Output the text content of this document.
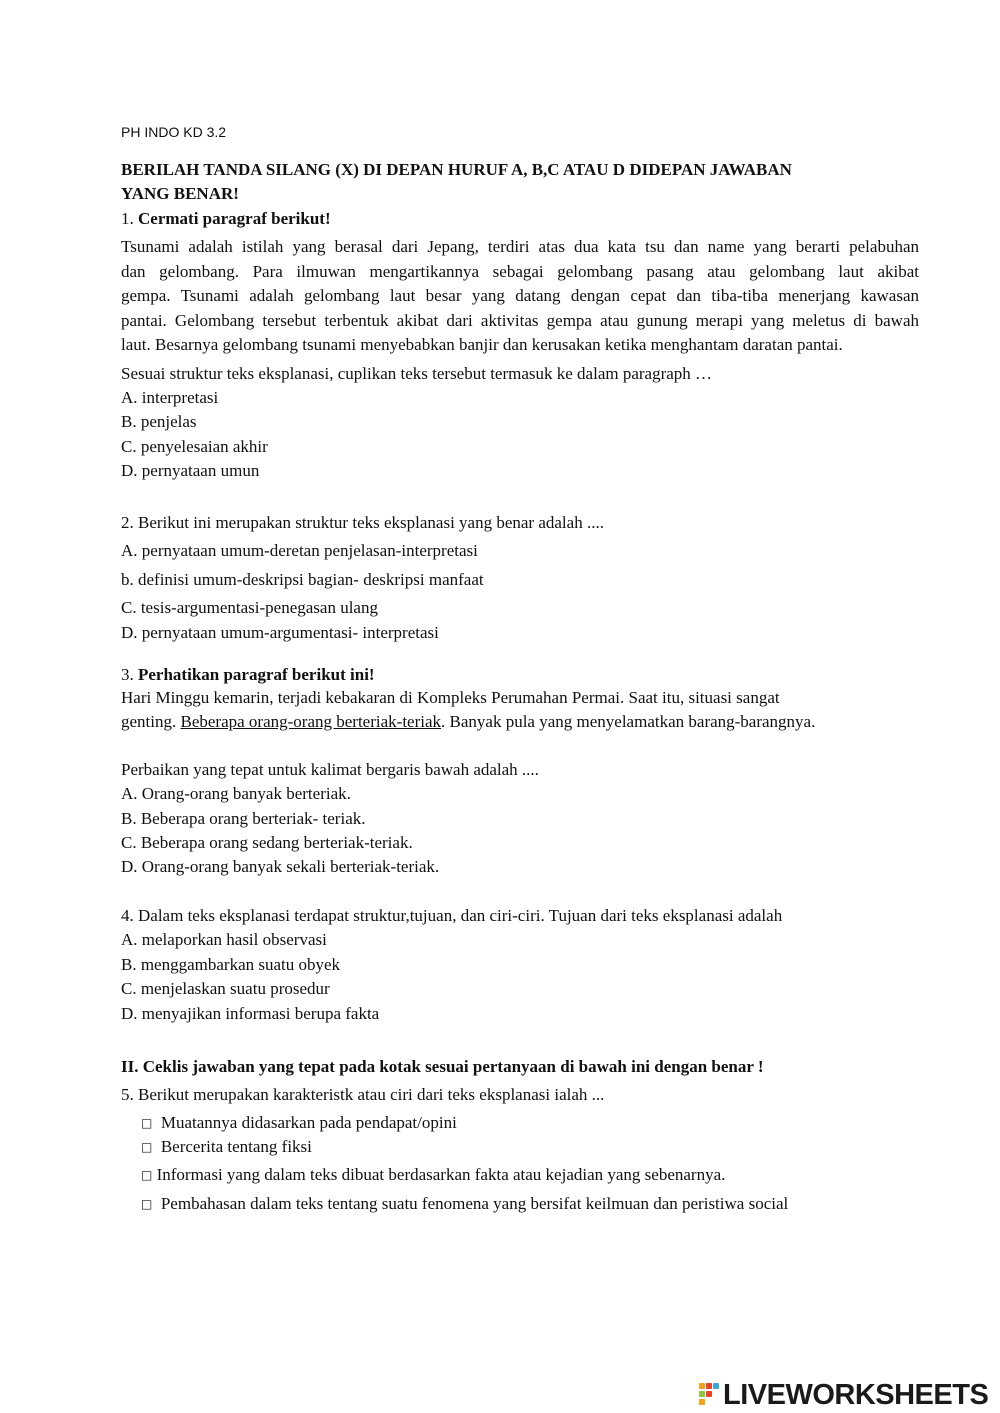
PH INDO KD 3.2
BERILAH TANDA SILANG (X) DI DEPAN HURUF A, B,C ATAU D DIDEPAN JAWABAN
YANG BENAR!
1. Cermati paragraf berikut!
Tsunami adalah istilah yang berasal dari Jepang, terdiri atas dua kata tsu dan name yang berarti pelabuhan
dan gelombang. Para ilmuwan mengartikannya sebagai gelombang pasang atau gelombang laut akibat
gempa. Tsunami adalah gelombang laut besar yang datang dengan cepat dan tiba-tiba menerjang kawasan
pantai. Gelombang tersebut terbentuk akibat dari aktivitas gempa atau gunung merapi yang meletus di bawah
laut. Besarnya gelombang tsunami menyebabkan banjir dan kerusakan ketika menghantam daratan pantai.
Sesuai struktur teks eksplanasi, cuplikan teks tersebut termasuk ke dalam paragraph …
A. interpretasi
B. penjelas
C. penyelesaian akhir
D. pernyataan umun
2. Berikut ini merupakan struktur teks eksplanasi yang benar adalah ....
A. pernyataan umum-deretan penjelasan-interpretasi
b. definisi umum-deskripsi bagian- deskripsi manfaat
C. tesis-argumentasi-penegasan ulang
D. pernyataan umum-argumentasi- interpretasi
3. Perhatikan paragraf berikut ini!
Hari Minggu kemarin, terjadi kebakaran di Kompleks Perumahan Permai. Saat itu, situasi sangat
genting. Beberapa orang-orang berteriak-teriak. Banyak pula yang menyelamatkan barang-barangnya.
Perbaikan yang tepat untuk kalimat bergaris bawah adalah ....
A. Orang-orang banyak berteriak.
B. Beberapa orang berteriak- teriak.
C. Beberapa orang sedang berteriak-teriak.
D. Orang-orang banyak sekali berteriak-teriak.
4. Dalam teks eksplanasi terdapat struktur,tujuan, dan ciri-ciri. Tujuan dari teks eksplanasi adalah
A. melaporkan hasil observasi
B. menggambarkan suatu obyek
C. menjelaskan suatu prosedur
D. menyajikan informasi berupa fakta
II. Ceklis jawaban yang tepat pada kotak sesuai pertanyaan di bawah ini dengan benar !
5. Berikut merupakan karakteristk atau ciri dari teks eksplanasi ialah ...
□ Muatannya didasarkan pada pendapat/opini
□ Bercerita tentang fiksi
□ Informasi yang dalam teks dibuat berdasarkan fakta atau kejadian yang sebenarnya.
□ Pembahasan dalam teks tentang suatu fenomena yang bersifat keilmuan dan peristiwa social
LIVEWORKSHEETS
